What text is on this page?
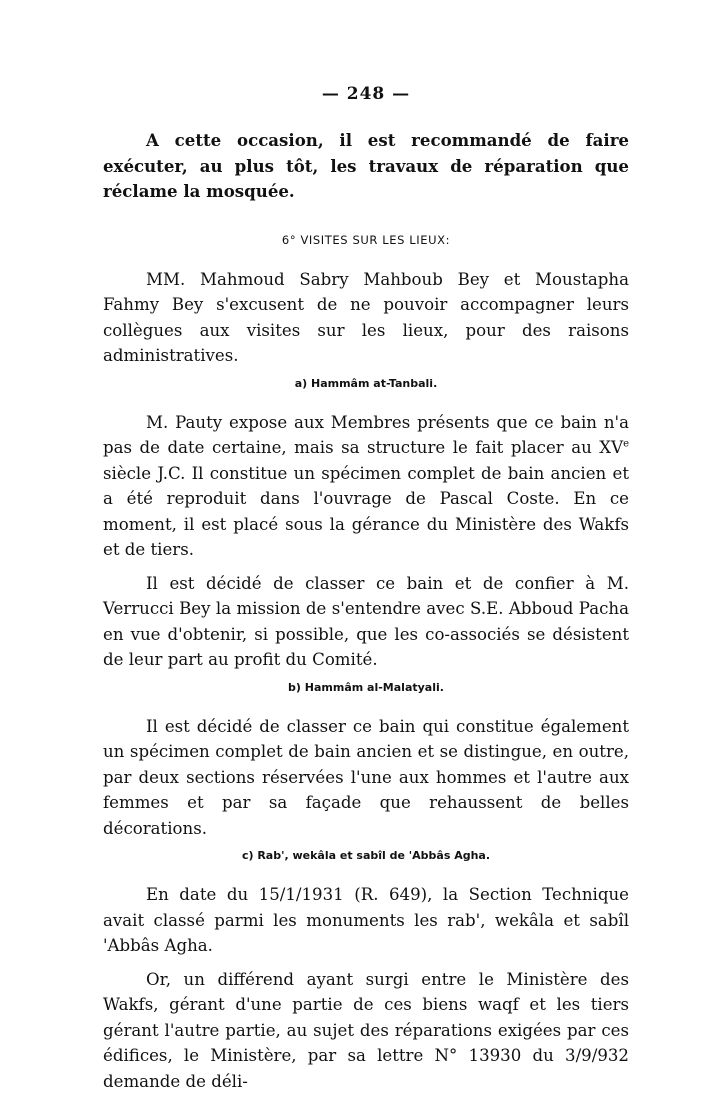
— 248 —

A cette occasion, il est recommandé de faire exécuter, au plus tôt, les travaux de réparation que réclame la mosquée.

6° VISITES SUR LES LIEUX:

MM. Mahmoud Sabry Mahboub Bey et Moustapha Fahmy Bey s'excusent de ne pouvoir accompagner leurs collègues aux visites sur les lieux, pour des raisons administratives.

a) Hammâm at-Tanbali.

M. Pauty expose aux Membres présents que ce bain n'a pas de date certaine, mais sa structure le fait placer au XVe siècle J.C. Il constitue un spécimen complet de bain ancien et a été reproduit dans l'ouvrage de Pascal Coste. En ce moment, il est placé sous la gérance du Ministère des Wakfs et de tiers.

Il est décidé de classer ce bain et de confier à M. Verrucci Bey la mission de s'entendre avec S.E. Abboud Pacha en vue d'obtenir, si possible, que les co-associés se désistent de leur part au profit du Comité.

b) Hammâm al-Malatyali.

Il est décidé de classer ce bain qui constitue également un spécimen complet de bain ancien et se distingue, en outre, par deux sections réservées l'une aux hommes et l'autre aux femmes et par sa façade que rehaussent de belles décorations.

c) Rab', wekâla et sabîl de 'Abbâs Agha.

En date du 15/1/1931 (R. 649), la Section Technique avait classé parmi les monuments les rab', wekâla et sabîl 'Abbâs Agha.

Or, un différend ayant surgi entre le Ministère des Wakfs, gérant d'une partie de ces biens waqf et les tiers gérant l'autre partie, au sujet des réparations exigées par ces édifices, le Ministère, par sa lettre N° 13930 du 3/9/932 demande de déli-
